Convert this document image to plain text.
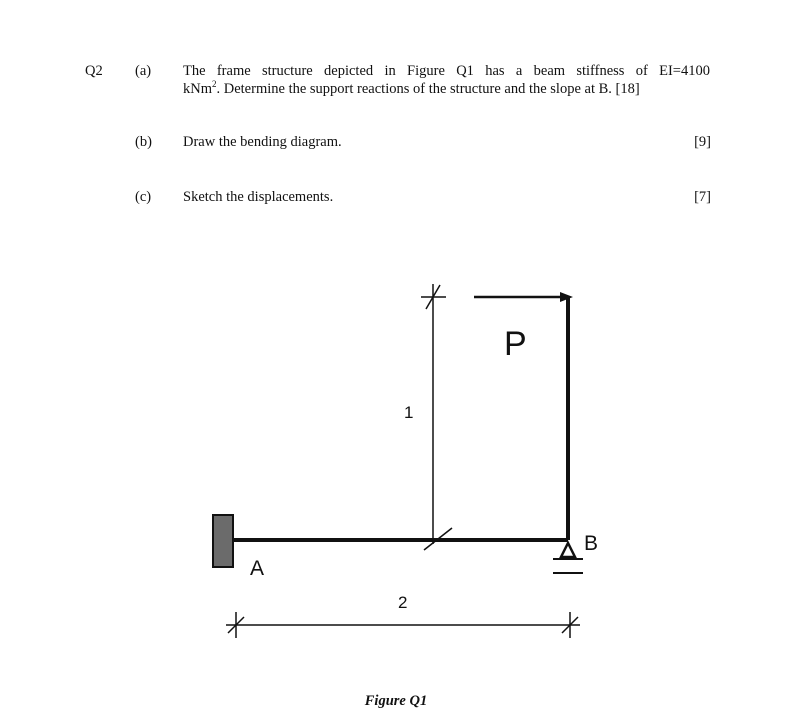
Q2 (a) The frame structure depicted in Figure Q1 has a beam stiffness of EI=4100
kNm$^2$. Determine the support reactions of the structure and the slope at B. [18]
(b) Draw the bending diagram.	[9]
(c) Sketch the displacements.	[7]
P
1
2
A
B
Figure Q1
